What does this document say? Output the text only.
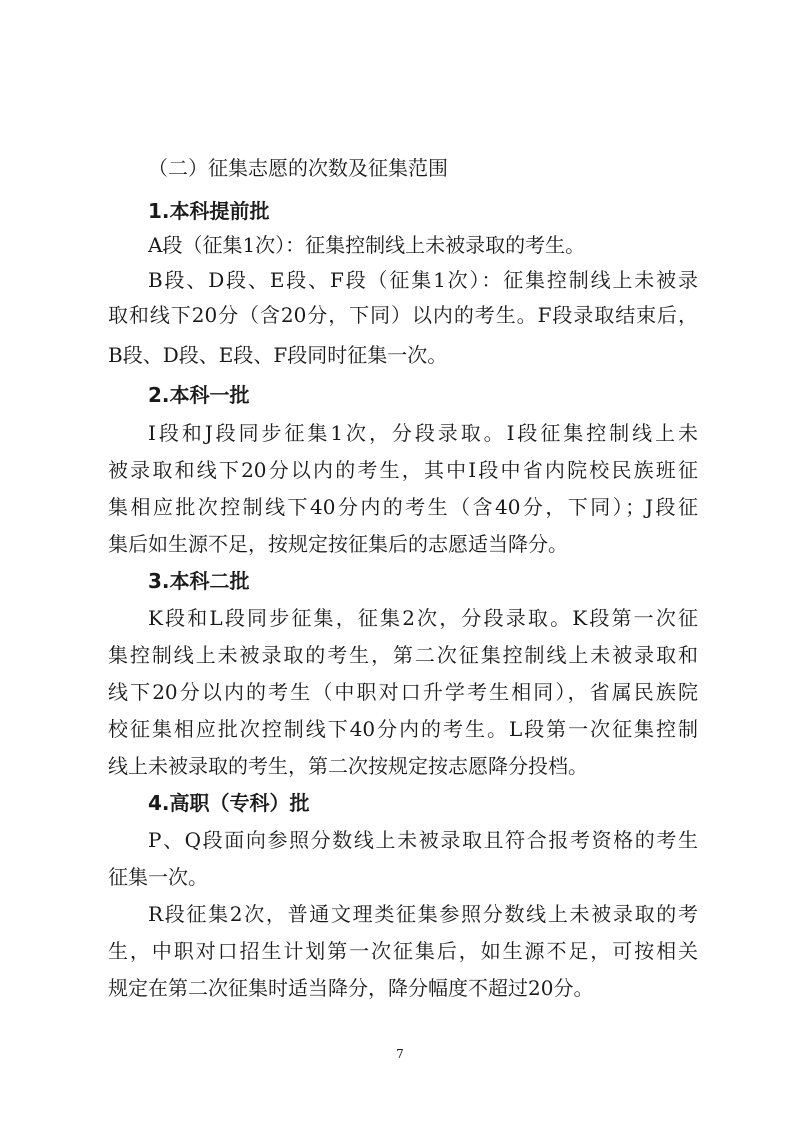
（二）征集志愿的次数及征集范围
1.本科提前批
A段（征集1次）：征集控制线上未被录取的考生。
B段、D段、E段、F段（征集1次）：征集控制线上未被录
取和线下20分（含20分，下同）以内的考生。F段录取结束后，
B段、D段、E段、F段同时征集一次。
2.本科一批
I段和J段同步征集1次，分段录取。I段征集控制线上未
被录取和线下20分以内的考生，其中I段中省内院校民族班征
集相应批次控制线下40分内的考生（含40分，下同）；J段征
集后如生源不足，按规定按征集后的志愿适当降分。
3.本科二批
K段和L段同步征集，征集2次，分段录取。K段第一次征
集控制线上未被录取的考生，第二次征集控制线上未被录取和
线下20分以内的考生（中职对口升学考生相同），省属民族院
校征集相应批次控制线下40分内的考生。L段第一次征集控制
线上未被录取的考生，第二次按规定按志愿降分投档。
4.高职（专科）批
P、Q段面向参照分数线上未被录取且符合报考资格的考生
征集一次。
R段征集2次，普通文理类征集参照分数线上未被录取的考
生，中职对口招生计划第一次征集后，如生源不足，可按相关
规定在第二次征集时适当降分，降分幅度不超过20分。
7
